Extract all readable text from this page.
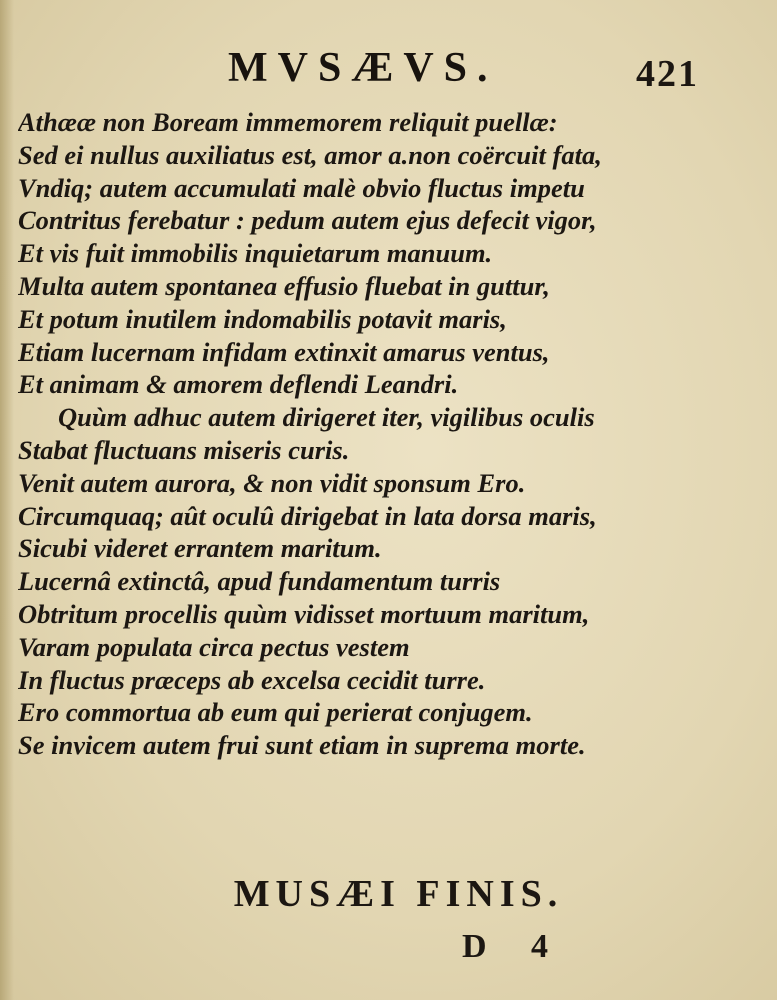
MVSÆVS.	421
Athææ non Boream immemorem reliquit puellæ:
Sed ei nullus auxiliatus est, amor a.non coërcuit fata,
Vndiq; autem accumulati malè obvio fluctus impetu
Contritus ferebatur : pedum autem ejus defecit vigor,
Et vis fuit immobilis inquietarum manuum.
Multa autem spontanea effusio fluebat in guttur,
Et potum inutilem indomabilis potavit maris,
Etiam lucernam infidam extinxit amarus ventus,
Et animam & amorem deflendi Leandri.
Quùm adhuc autem dirigeret iter, vigilibus oculis
Stabat fluctuans miseris curis.
Venit autem aurora, & non vidit sponsum Ero.
Circumquaq; aût oculû dirigebat in lata dorsa maris,
Sicubi videret errantem maritum.
Lucernâ extinctâ, apud fundamentum turris
Obtritum procellis quùm vidisset mortuum maritum,
Varam populata circa pectus vestem
In fluctus præceps ab excelsa cecidit turre.
Ero commortua ab eum qui perierat conjugem.
Se invicem autem frui sunt etiam in suprema morte.
MUSÆI FINIS.
D 4
